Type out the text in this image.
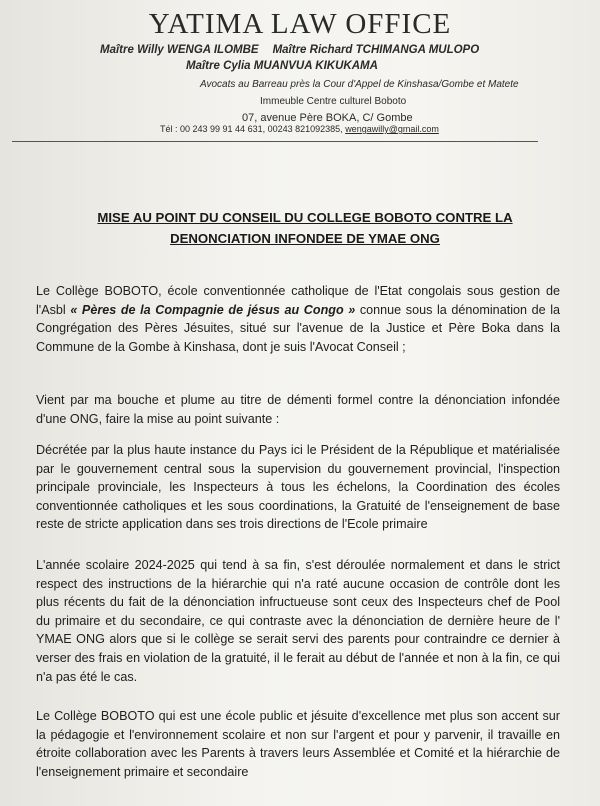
YATIMA LAW OFFICE
Maître Willy WENGA ILOMBE Maître Richard TCHIMANGA MULOPO
Maître Cylia MUANVUA KIKUKAMA
Avocats au Barreau près la Cour d'Appel de Kinshasa/Gombe et Matete
Immeuble Centre culturel Boboto
07, avenue Père BOKA, C/ Gombe
Tél : 00 243 99 91 44 631, 00243 821092385, wengawilly@gmail.com
MISE AU POINT DU CONSEIL DU COLLEGE BOBOTO CONTRE LA DENONCIATION INFONDEE DE YMAE ONG
Le Collège BOBOTO, école conventionnée catholique de l'Etat congolais sous gestion de l'Asbl « Pères de la Compagnie de jésus au Congo » connue sous la dénomination de la Congrégation des Pères Jésuites, situé sur l'avenue de la Justice et Père Boka dans la Commune de la Gombe à Kinshasa, dont je suis l'Avocat Conseil ;
Vient par ma bouche et plume au titre de démenti formel contre la dénonciation infondée d'une ONG, faire la mise au point suivante :
Décrétée par la plus haute instance du Pays ici le Président de la République et matérialisée par le gouvernement central sous la supervision du gouvernement provincial, l'inspection principale provinciale, les Inspecteurs à tous les échelons, la Coordination des écoles conventionnée catholiques et les sous coordinations, la Gratuité de l'enseignement de base reste de stricte application dans ses trois directions de l'Ecole primaire
L'année scolaire 2024-2025 qui tend à sa fin, s'est déroulée normalement et dans le strict respect des instructions de la hiérarchie qui n'a raté aucune occasion de contrôle dont les plus récents du fait de la dénonciation infructueuse sont ceux des Inspecteurs chef de Pool du primaire et du secondaire, ce qui contraste avec la dénonciation de dernière heure de l' YMAE ONG alors que si le collège se serait servi des parents pour contraindre ce dernier à verser des frais en violation de la gratuité, il le ferait au début de l'année et non à la fin, ce qui n'a pas été le cas.
Le Collège BOBOTO qui est une école public et jésuite d'excellence met plus son accent sur la pédagogie et l'environnement scolaire et non sur l'argent et pour y parvenir, il travaille en étroite collaboration avec les Parents à travers leurs Assemblée et Comité et la hiérarchie de l'enseignement primaire et secondaire
